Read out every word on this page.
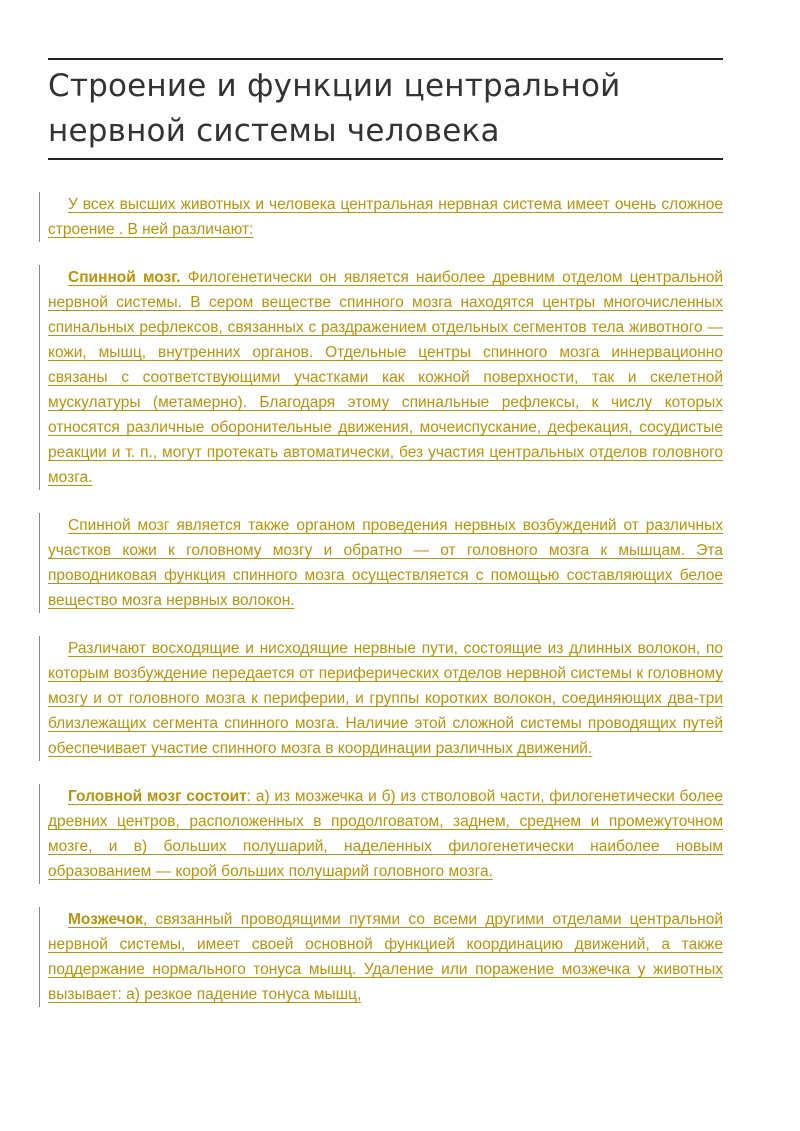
Строение и функции центральной
нервной системы человека

У всех высших животных и человека центральная нервная система имеет очень сложное строение . В ней различают:

Спинной мозг. Филогенетически он является наиболее древним отделом центральной нервной системы. В сером веществе спинного мозга находятся центры многочисленных спинальных рефлексов, связанных с раздражением отдельных сегментов тела животного — кожи, мышц, внутренних органов. Отдельные центры спинного мозга иннервационно связаны с соответствующими участками как кожной поверхности, так и скелетной мускулатуры (метамерно). Благодаря этому спинальные рефлексы, к числу которых относятся различные оборонительные движения, мочеиспускание, дефекация, сосудистые реакции и т. п., могут протекать автоматически, без участия центральных отделов головного мозга.

Спинной мозг является также органом проведения нервных возбуждений от различных участков кожи к головному мозгу и обратно — от головного мозга к мышцам. Эта проводниковая функция спинного мозга осуществляется с помощью составляющих белое вещество мозга нервных волокон.

Различают восходящие и нисходящие нервные пути, состоящие из длинных волокон, по которым возбуждение передается от периферических отделов нервной системы к головному мозгу и от головного мозга к периферии, и группы коротких волокон, соединяющих два-три близлежащих сегмента спинного мозга. Наличие этой сложной системы проводящих путей обеспечивает участие спинного мозга в координации различных движений.

Головной мозг состоит: а) из мозжечка и б) из стволовой части, филогенетически более древних центров, расположенных в продолговатом, заднем, среднем и промежуточном мозге, и в) больших полушарий, наделенных филогенетически наиболее новым образованием — корой больших полушарий головного мозга.

Мозжечок, связанный проводящими путями со всеми другими отделами центральной нервной системы, имеет своей основной функцией координацию движений, а также поддержание нормального тонуса мышц. Удаление или поражение мозжечка у животных вызывает: а) резкое падение тонуса мышц,
